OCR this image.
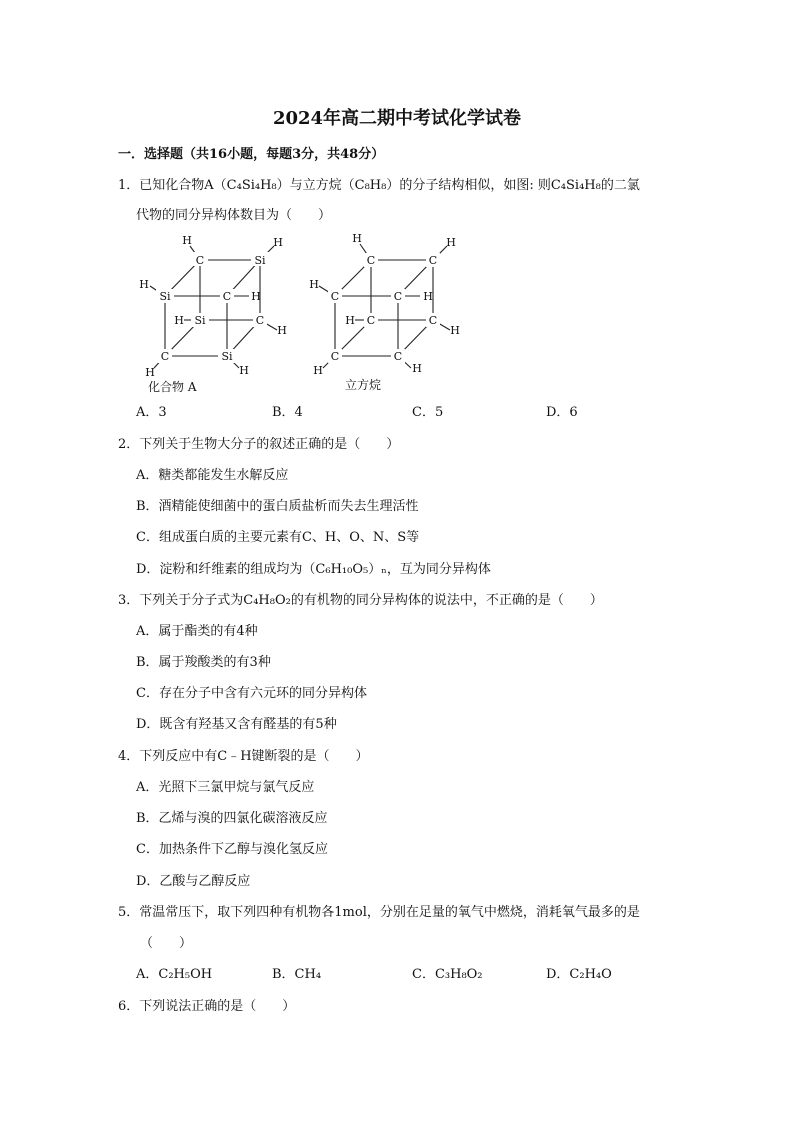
2024年高二期中考试化学试卷
一．选择题（共16小题，每题3分，共48分）
1．已知化合物A（C₄Si₄H₈）与立方烷（C₈H₈）的分子结构相似，如图: 则C₄Si₄H₈的二氯
代物的同分异构体数目为（　　）
C	Si
Si	C
Si	C
C	Si
H	H
H
H
H
H
H	H
化合物 A
C	C
C	C
C	C
C	C
H	H
H
H
H
H
H	H
立方烷
A．3	B．4	C．5	D．6
2．下列关于生物大分子的叙述正确的是（　　）
A．糖类都能发生水解反应
B．酒精能使细菌中的蛋白质盐析而失去生理活性
C．组成蛋白质的主要元素有C、H、O、N、S等
D．淀粉和纤维素的组成均为（C₆H₁₀O₅）ₙ，互为同分异构体
3．下列关于分子式为C₄H₈O₂的有机物的同分异构体的说法中，不正确的是（　　）
A．属于酯类的有4种
B．属于羧酸类的有3种
C．存在分子中含有六元环的同分异构体
D．既含有羟基又含有醛基的有5种
4．下列反应中有C﹣H键断裂的是（　　）
A．光照下三氯甲烷与氯气反应
B．乙烯与溴的四氯化碳溶液反应
C．加热条件下乙醇与溴化氢反应
D．乙酸与乙醇反应
5．常温常压下，取下列四种有机物各1mol，分别在足量的氧气中燃烧，消耗氧气最多的是
（　　）
A．C₂H₅OH	B．CH₄	C．C₃H₈O₂	D．C₂H₄O
6．下列说法正确的是（　　）
